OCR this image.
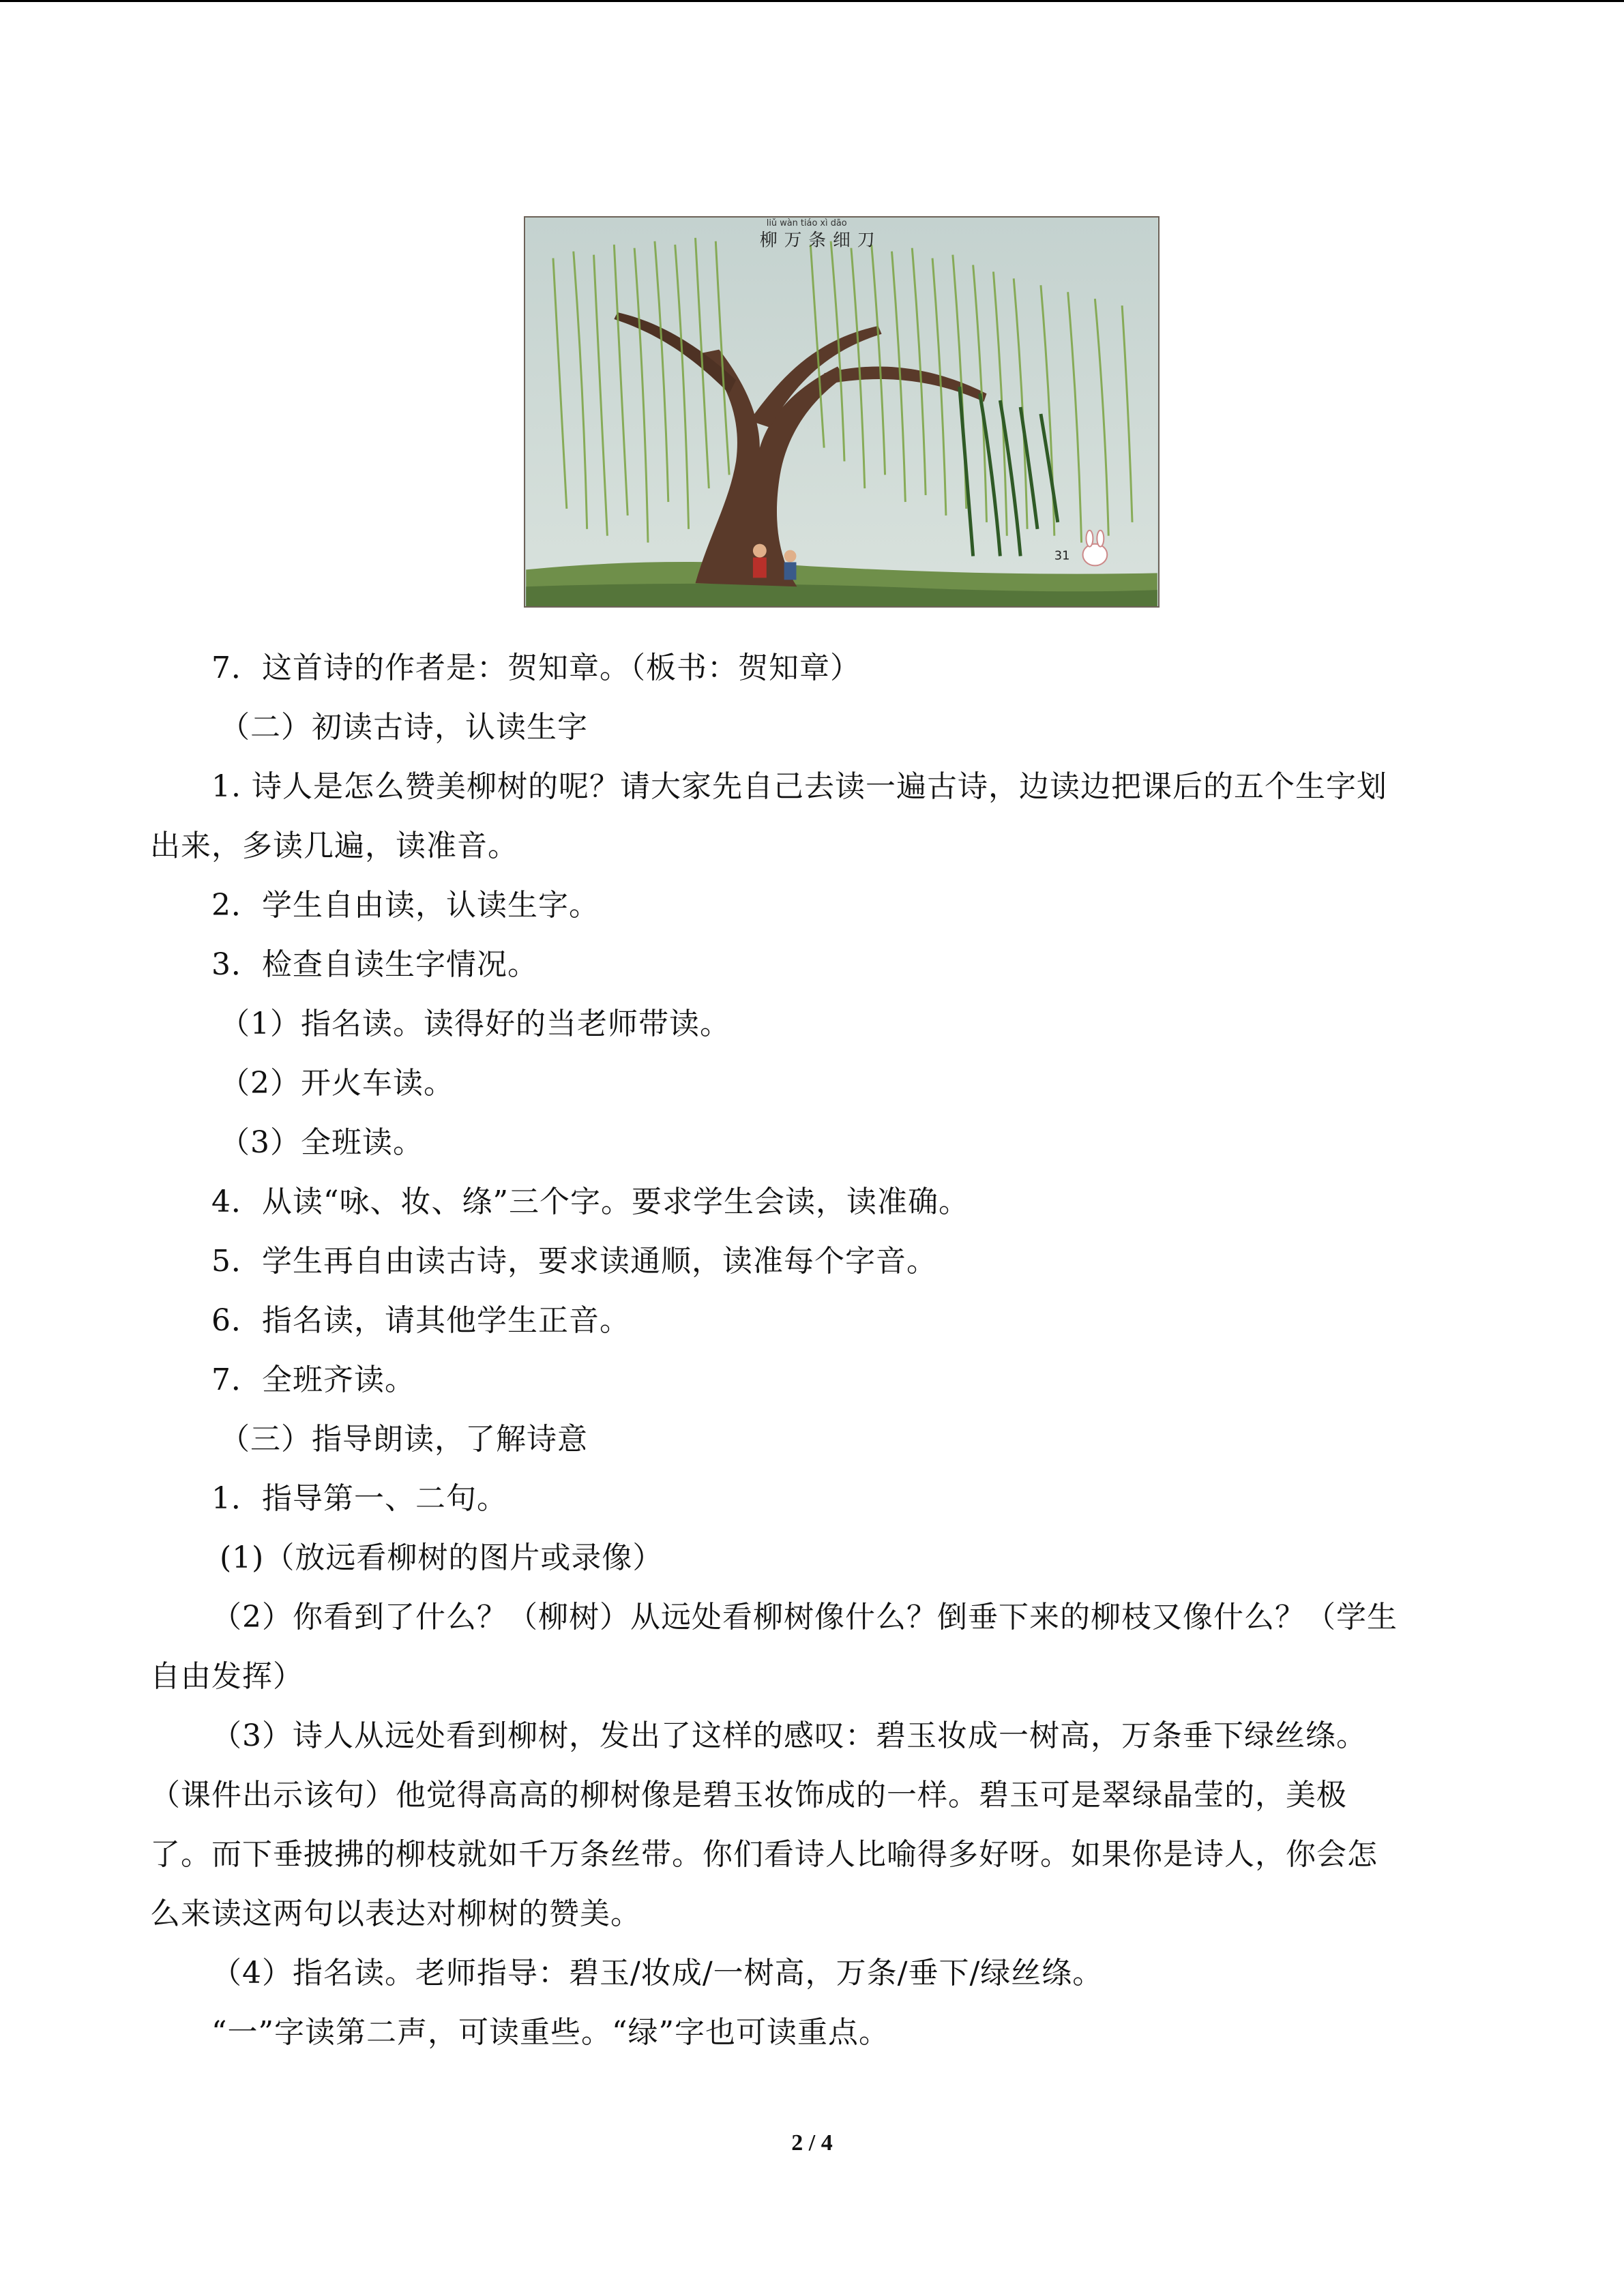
liǔ wàn tiáo xì dāo
柳万条细刀
31
7．这首诗的作者是：贺知章。（板书：贺知章）
（二）初读古诗，认读生字
1. 诗人是怎么赞美柳树的呢？请大家先自己去读一遍古诗，边读边把课后的五个生字划
出来，多读几遍，读准音。
2．学生自由读，认读生字。
3．检查自读生字情况。
（1）指名读。读得好的当老师带读。
（2）开火车读。
（3）全班读。
4．从读“咏、妆、绦”三个字。要求学生会读，读准确。
5．学生再自由读古诗，要求读通顺，读准每个字音。
6．指名读，请其他学生正音。
7．全班齐读。
（三）指导朗读，了解诗意
1．指导第一、二句。
(1)（放远看柳树的图片或录像）
（2）你看到了什么？（柳树）从远处看柳树像什么？倒垂下来的柳枝又像什么？（学生
自由发挥）
（3）诗人从远处看到柳树，发出了这样的感叹：碧玉妆成一树高，万条垂下绿丝绦。
（课件出示该句）他觉得高高的柳树像是碧玉妆饰成的一样。碧玉可是翠绿晶莹的，美极
了。而下垂披拂的柳枝就如千万条丝带。你们看诗人比喻得多好呀。如果你是诗人，你会怎
么来读这两句以表达对柳树的赞美。
（4）指名读。老师指导：碧玉/妆成/一树高，万条/垂下/绿丝绦。
“一”字读第二声，可读重些。“绿”字也可读重点。
2 / 4
